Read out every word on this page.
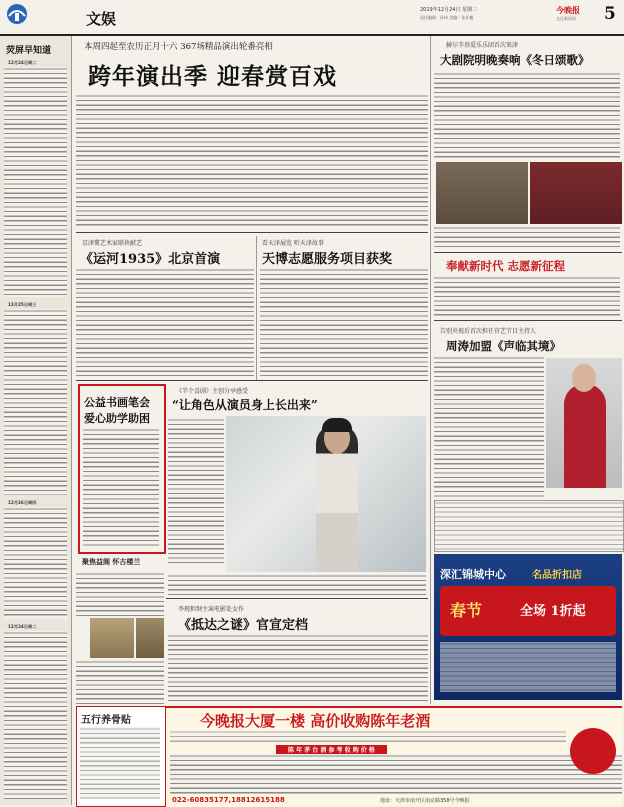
文娱	2019年12月24日 星期二
责任编辑：孙伟 美编：张亚楠
今晚报
文化新闻部 5
荧屏早知道
12月24日周二
12月25日周三
12月26日周四
12月24日周二
本周四起至农历正月十六 367场精品演出轮番亮相
跨年演出季 迎春赏百戏
京津冀艺术家联袂献艺
《运河1935》北京首演
看天津展览 听天津故事
天博志愿服务项目获奖
公益书画笔会
爱心助学助困
《半个喜剧》主创分享感受
“让角色从演员身上长出来”
聚焦益阁 怀古楼兰
李现担纲主演电影处女作
《抵达之谜》官宣定档
赫尔辛基爱乐乐团首次来津
大剧院明晚奏响《冬日颂歌》
奉献新时代 志愿新征程
告别央视后首次担任官艺节目主持人
周涛加盟《声临其境》
深汇锦城中心	名品折扣店
春节	全场 1折起
今晚报大厦一楼 高价收购陈年老酒
陈 年 茅 台 酒 参 考 收 购 价 格
022-60835177,18812615188	地址：天津市南开区南京路358号今晚报
五行养骨贴
